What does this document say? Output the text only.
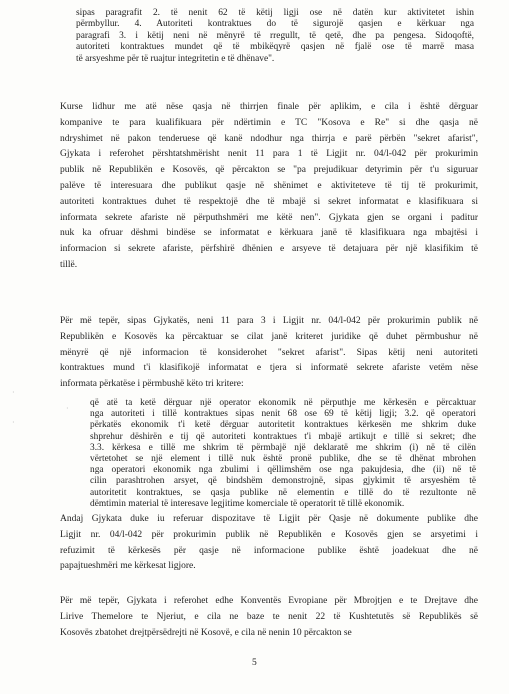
sipas paragrafit 2. të nenit 62 të këtij ligji ose në datën kur aktivitetet ishin
përmbyllur. 4. Autoriteti kontraktues do të sigurojë qasjen e kërkuar nga
paragrafi 3. i këtij neni në mënyrë të rregullt, të qetë, dhe pa pengesa. Sidoqoftë,
autoriteti kontraktues mundet që të mbikëqyrë qasjen në fjalë ose të marrë masa
të arsyeshme për të ruajtur integritetin e të dhënave".
Kurse lidhur me atë nëse qasja në thirrjen finale për aplikim, e cila i është dërguar
kompanive te para kualifikuara për ndërtimin e TC "Kosova e Re" si dhe qasja në
ndryshimet në pakon tenderuese që kanë ndodhur nga thirrja e parë përbën "sekret afarist",
Gjykata i referohet përshtatshmërisht nenit 11 para 1 të Ligjit nr. 04/l-042 për prokurimin
publik në Republikën e Kosovës, që përcakton se "pa prejudikuar detyrimin për t'u siguruar
palëve të interesuara dhe publikut qasje në shënimet e aktiviteteve të tij të prokurimit,
autoriteti kontraktues duhet të respektojë dhe të mbajë si sekret informatat e klasifikuara si
informata sekrete afariste në përputhshmëri me këtë nen". Gjykata gjen se organi i paditur
nuk ka ofruar dëshmi bindëse se informatat e kërkuara janë të klasifikuara nga mbajtësi i
informacion si sekrete afariste, përfshirë dhënien e arsyeve të detajuara për një klasifikim të
tillë.
Për më tepër, sipas Gjykatës, neni 11 para 3 i Ligjit nr. 04/l-042 për prokurimin publik në
Republikën e Kosovës ka përcaktuar se cilat janë kriteret juridike që duhet përmbushur në
mënyrë që një informacion të konsiderohet "sekret afarist". Sipas këtij neni autoriteti
kontraktues mund t'i klasifikojë informatat e tjera si informatë sekrete afariste vetëm nëse
informata përkatëse i përmbushë këto tri kritere:
që atë ta ketë dërguar një operator ekonomik në përputhje me kërkesën e përcaktuar
nga autoriteti i tillë kontraktues sipas nenit 68 ose 69 të këtij ligji; 3.2. që operatori
përkatës ekonomik t'i ketë dërguar autoritetit kontraktues kërkesën me shkrim duke
shprehur dëshirën e tij që autoriteti kontraktues t'i mbajë artikujt e tillë si sekret; dhe
3.3. kërkesa e tillë me shkrim të përmbajë një deklaratë me shkrim (i) në të cilën
vërtetohet se një element i tillë nuk është pronë publike, dhe se të dhënat mbrohen
nga operatori ekonomik nga zbulimi i qëllimshëm ose nga pakujdesia, dhe (ii) në të
cilin parashtrohen arsyet, që bindshëm demonstrojnë, sipas gjykimit të arsyeshëm të
autoritetit kontraktues, se qasja publike në elementin e tillë do të rezultonte në
dëmtimin material të interesave legjitime komerciale të operatorit të tillë ekonomik.
Andaj Gjykata duke iu referuar dispozitave të Ligjit për Qasje në dokumente publike dhe
Ligjit nr. 04/l-042 për prokurimin publik në Republikën e Kosovës gjen se arsyetimi i
refuzimit të kërkesës për qasje në informacione publike është joadekuat dhe në
papajtueshmëri me kërkesat ligjore.
Për më tepër, Gjykata i referohet edhe Konventës Evropiane për Mbrojtjen e te Drejtave dhe
Lirive Themelore te Njeriut, e cila ne baze te nenit 22 të Kushtetutës së Republikës së
Kosovës zbatohet drejtpërsëdrejti në Kosovë, e cila në nenin 10 përcakton se
5
·
·
·
